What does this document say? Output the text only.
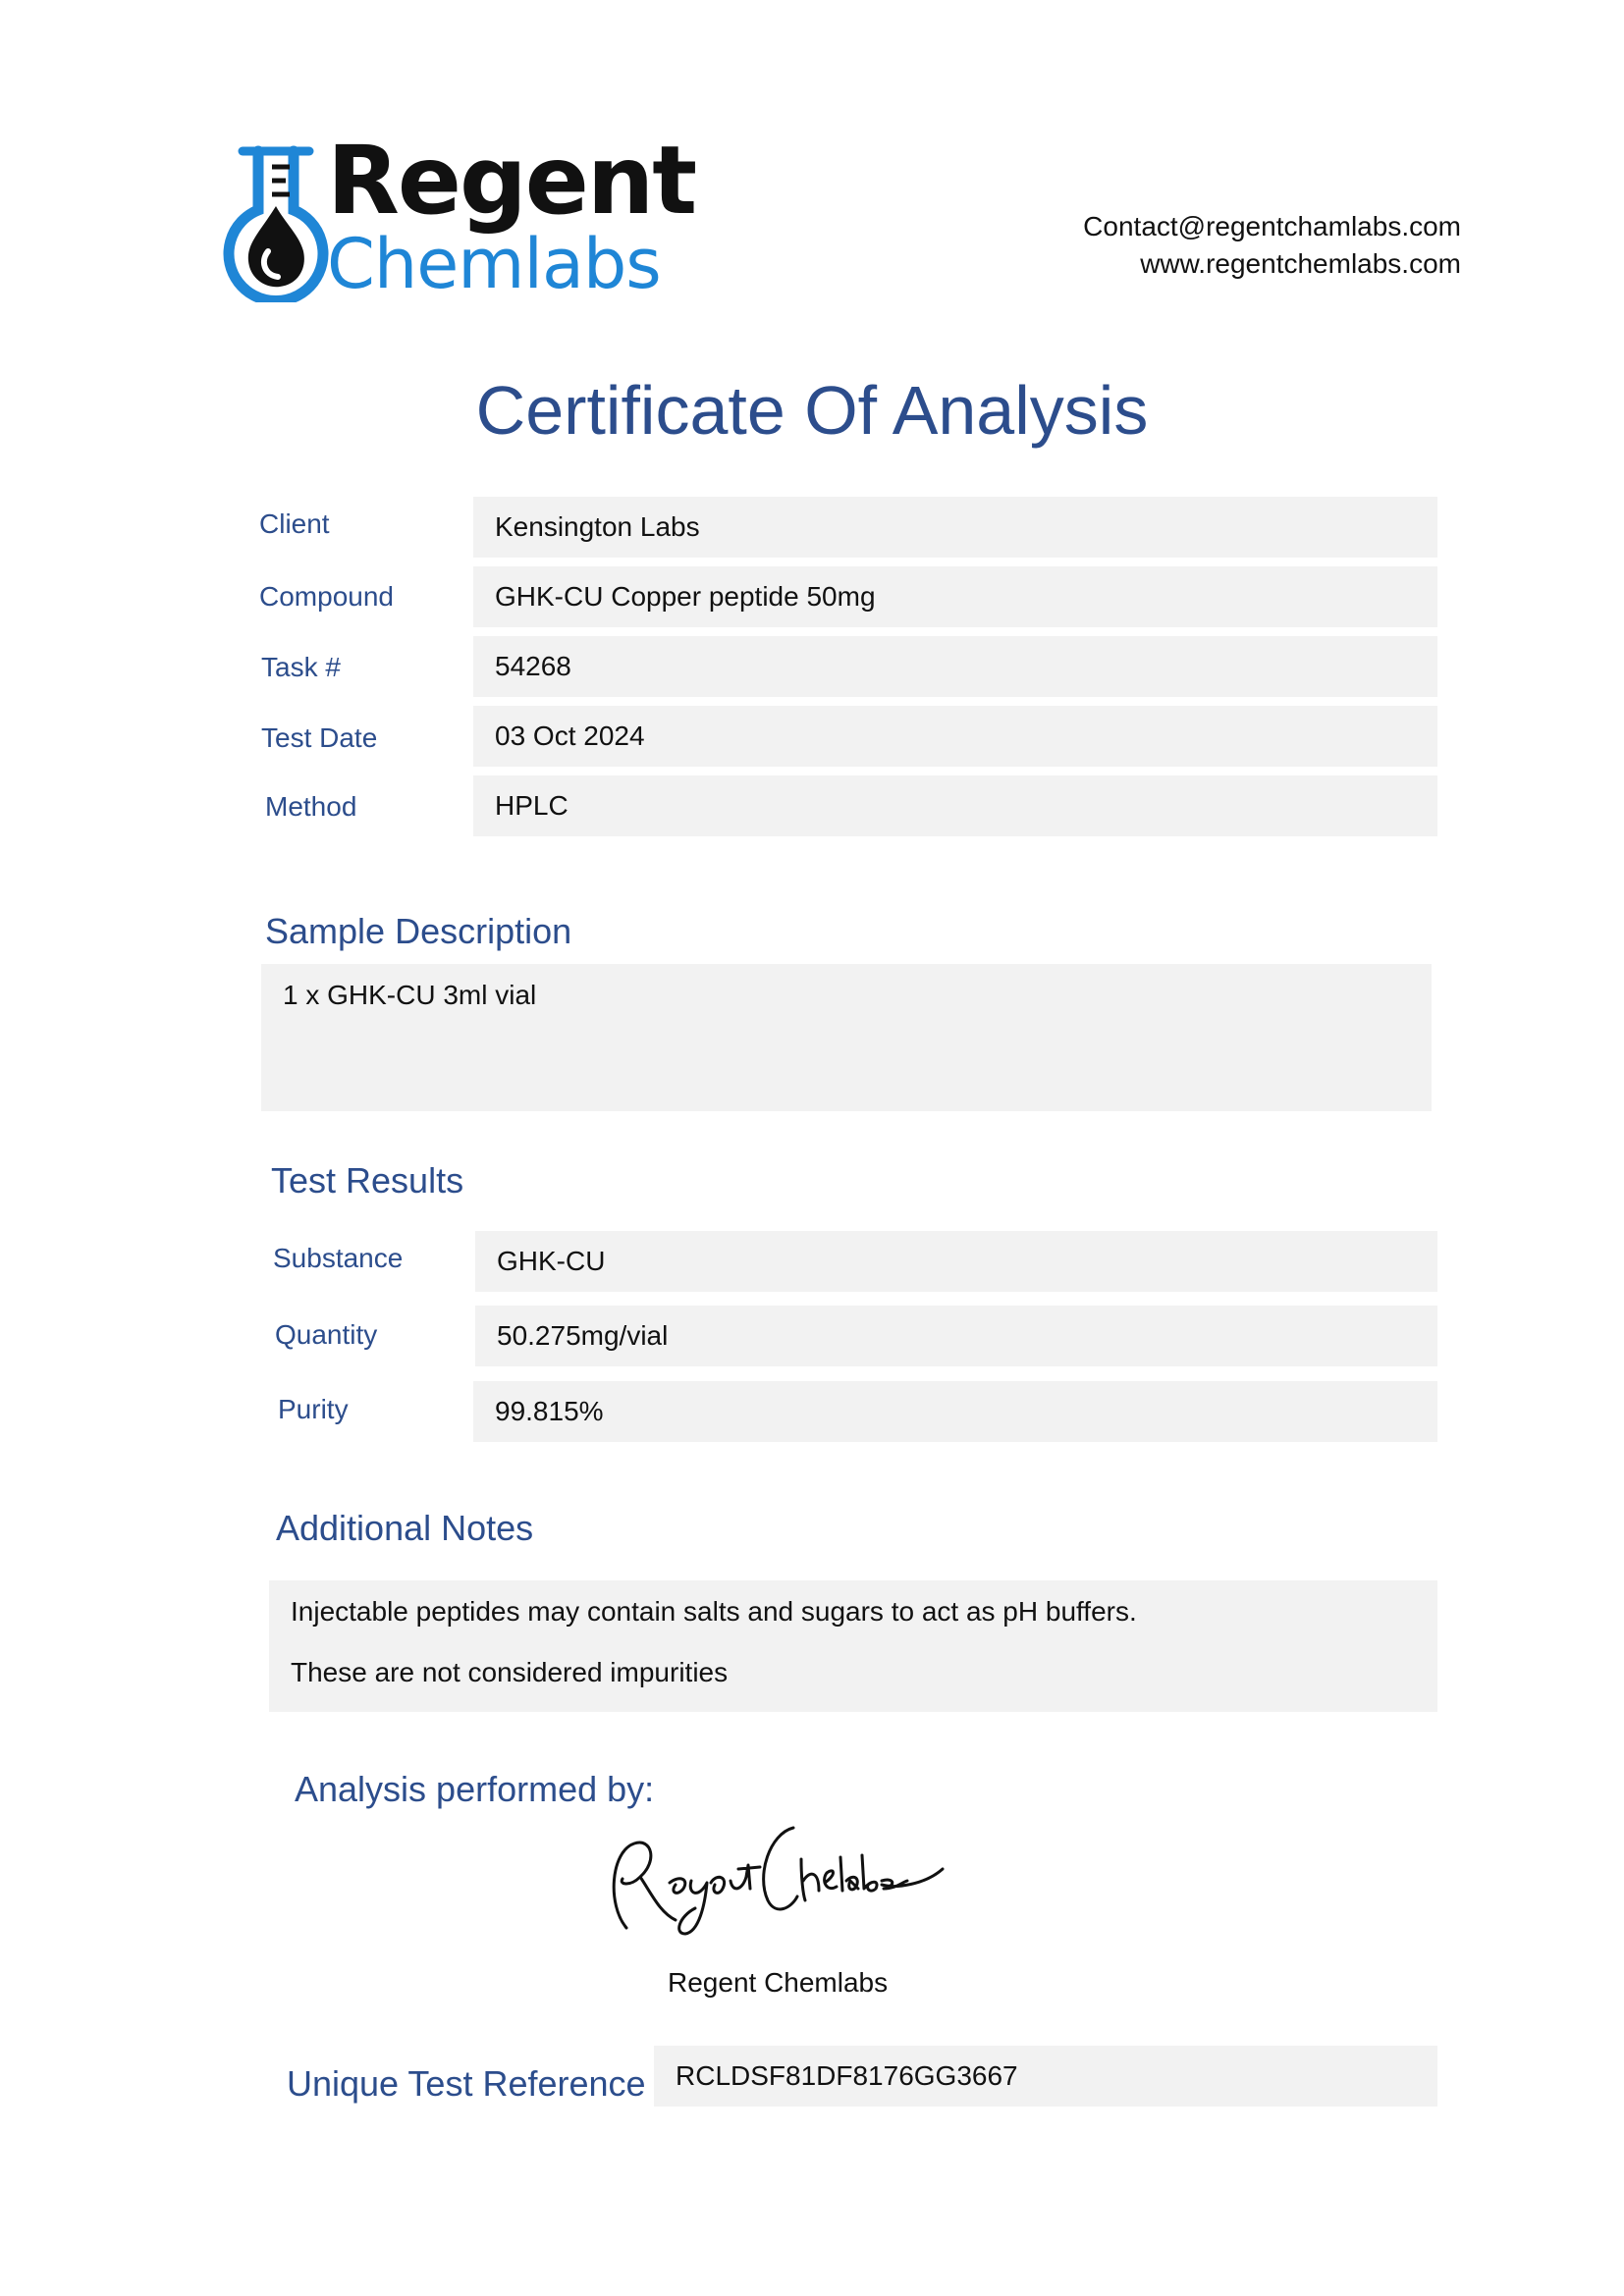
Regent
Chemlabs	Contact@regentchamlabs.com
www.regentchemlabs.com
Certificate Of Analysis
Client	Kensington Labs
Compound	GHK-CU Copper peptide 50mg
Task #	54268
Test Date	03 Oct 2024
Method	HPLC
Sample Description
1 x GHK-CU 3ml vial
Test Results
Substance	GHK-CU
Quantity	50.275mg/vial
Purity	99.815%
Additional Notes
Injectable peptides may contain salts and sugars to act as pH buffers.
These are not considered impurities
Analysis performed by:
Regent Chemlabs
Unique Test Reference	RCLDSF81DF8176GG3667
